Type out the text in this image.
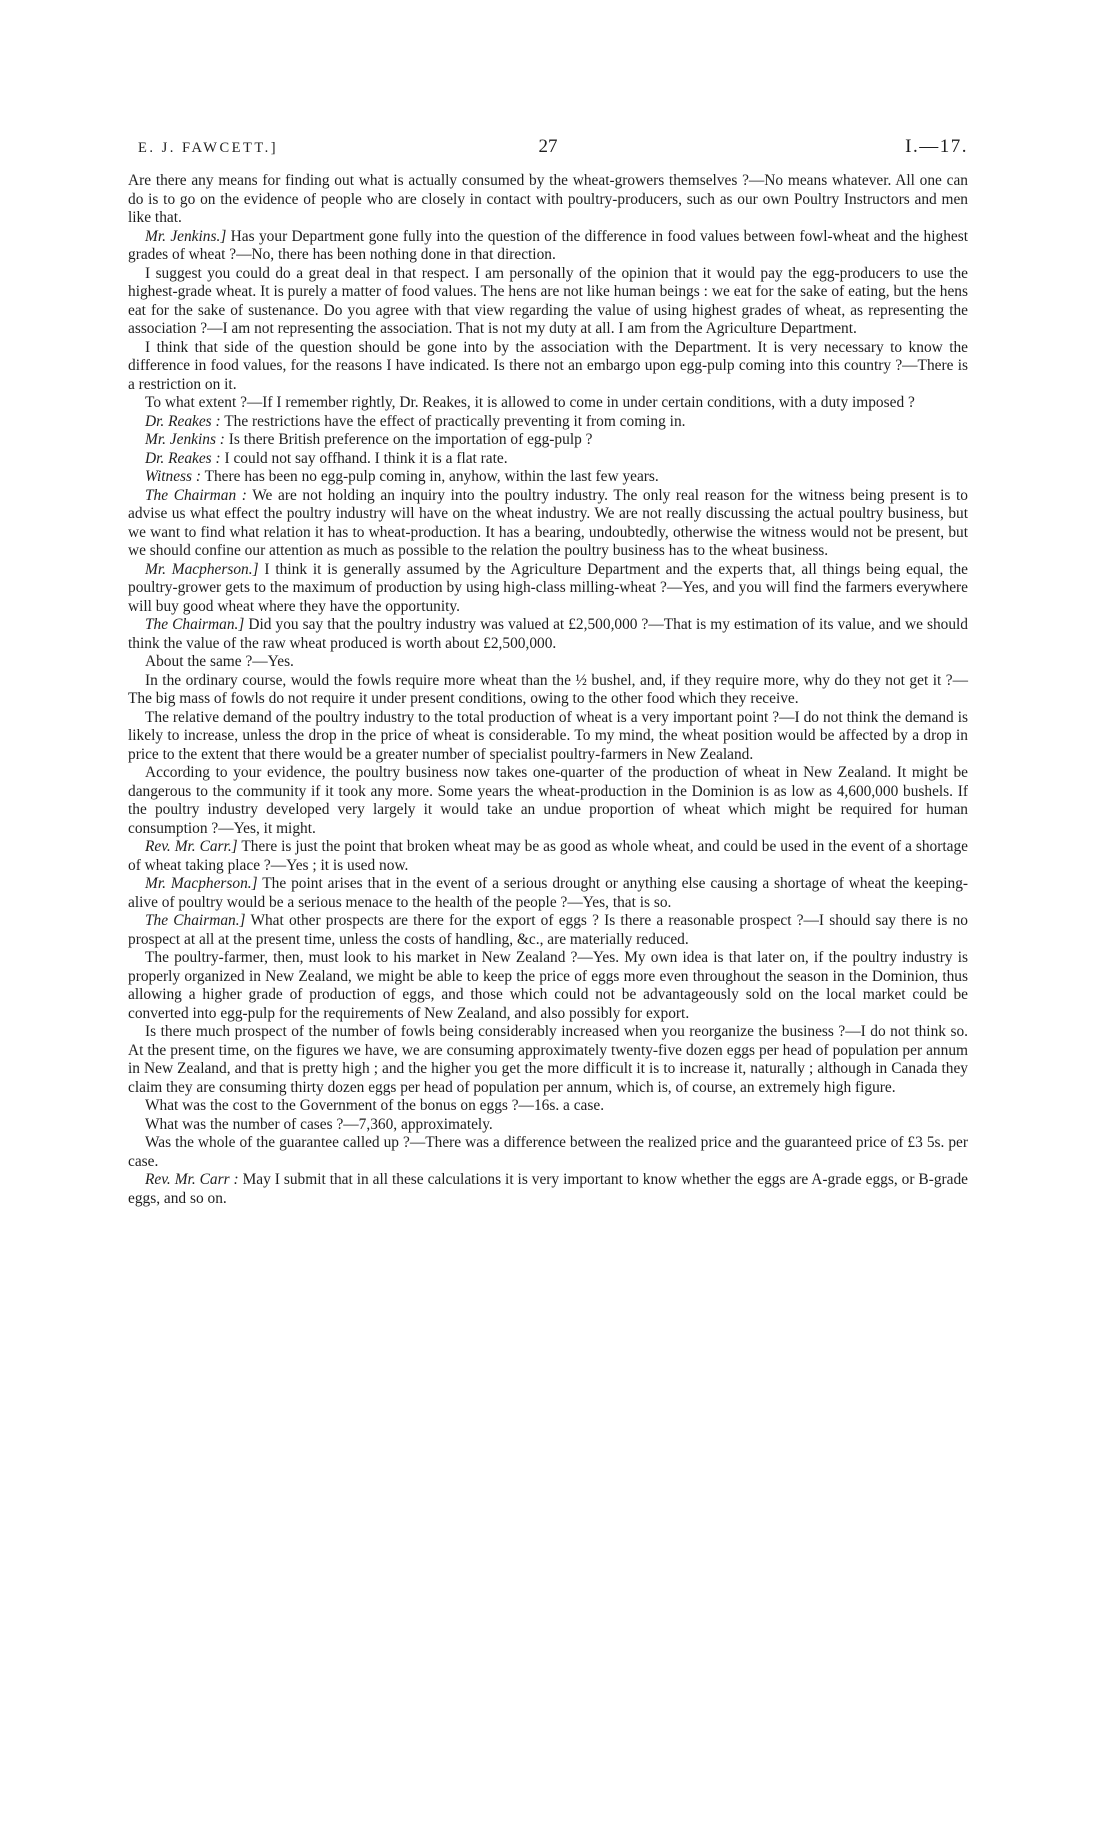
E. J. FAWCETT.]	27	I.—17.

Are there any means for finding out what is actually consumed by the wheat-growers themselves ?—No means whatever. All one can do is to go on the evidence of people who are closely in contact with poultry-producers, such as our own Poultry Instructors and men like that.

Mr. Jenkins.] Has your Department gone fully into the question of the difference in food values between fowl-wheat and the highest grades of wheat ?—No, there has been nothing done in that direction.

I suggest you could do a great deal in that respect. I am personally of the opinion that it would pay the egg-producers to use the highest-grade wheat. It is purely a matter of food values. The hens are not like human beings : we eat for the sake of eating, but the hens eat for the sake of sustenance. Do you agree with that view regarding the value of using highest grades of wheat, as representing the association ?—I am not representing the association. That is not my duty at all. I am from the Agriculture Department.

I think that side of the question should be gone into by the association with the Department. It is very necessary to know the difference in food values, for the reasons I have indicated. Is there not an embargo upon egg-pulp coming into this country ?—There is a restriction on it.

To what extent ?—If I remember rightly, Dr. Reakes, it is allowed to come in under certain conditions, with a duty imposed ?

Dr. Reakes : The restrictions have the effect of practically preventing it from coming in.

Mr. Jenkins : Is there British preference on the importation of egg-pulp ?

Dr. Reakes : I could not say offhand. I think it is a flat rate.

Witness : There has been no egg-pulp coming in, anyhow, within the last few years.

The Chairman : We are not holding an inquiry into the poultry industry. The only real reason for the witness being present is to advise us what effect the poultry industry will have on the wheat industry. We are not really discussing the actual poultry business, but we want to find what relation it has to wheat-production. It has a bearing, undoubtedly, otherwise the witness would not be present, but we should confine our attention as much as possible to the relation the poultry business has to the wheat business.

Mr. Macpherson.] I think it is generally assumed by the Agriculture Department and the experts that, all things being equal, the poultry-grower gets to the maximum of production by using high-class milling-wheat ?—Yes, and you will find the farmers everywhere will buy good wheat where they have the opportunity.

The Chairman.] Did you say that the poultry industry was valued at £2,500,000 ?—That is my estimation of its value, and we should think the value of the raw wheat produced is worth about £2,500,000.

About the same ?—Yes.

In the ordinary course, would the fowls require more wheat than the ½ bushel, and, if they require more, why do they not get it ?—The big mass of fowls do not require it under present conditions, owing to the other food which they receive.

The relative demand of the poultry industry to the total production of wheat is a very important point ?—I do not think the demand is likely to increase, unless the drop in the price of wheat is considerable. To my mind, the wheat position would be affected by a drop in price to the extent that there would be a greater number of specialist poultry-farmers in New Zealand.

According to your evidence, the poultry business now takes one-quarter of the production of wheat in New Zealand. It might be dangerous to the community if it took any more. Some years the wheat-production in the Dominion is as low as 4,600,000 bushels. If the poultry industry developed very largely it would take an undue proportion of wheat which might be required for human consumption ?—Yes, it might.

Rev. Mr. Carr.] There is just the point that broken wheat may be as good as whole wheat, and could be used in the event of a shortage of wheat taking place ?—Yes ; it is used now.

Mr. Macpherson.] The point arises that in the event of a serious drought or anything else causing a shortage of wheat the keeping-alive of poultry would be a serious menace to the health of the people ?—Yes, that is so.

The Chairman.] What other prospects are there for the export of eggs ? Is there a reasonable prospect ?—I should say there is no prospect at all at the present time, unless the costs of handling, &c., are materially reduced.

The poultry-farmer, then, must look to his market in New Zealand ?—Yes. My own idea is that later on, if the poultry industry is properly organized in New Zealand, we might be able to keep the price of eggs more even throughout the season in the Dominion, thus allowing a higher grade of production of eggs, and those which could not be advantageously sold on the local market could be converted into egg-pulp for the requirements of New Zealand, and also possibly for export.

Is there much prospect of the number of fowls being considerably increased when you reorganize the business ?—I do not think so. At the present time, on the figures we have, we are consuming approximately twenty-five dozen eggs per head of population per annum in New Zealand, and that is pretty high ; and the higher you get the more difficult it is to increase it, naturally ; although in Canada they claim they are consuming thirty dozen eggs per head of population per annum, which is, of course, an extremely high figure.

What was the cost to the Government of the bonus on eggs ?—16s. a case.

What was the number of cases ?—7,360, approximately.

Was the whole of the guarantee called up ?—There was a difference between the realized price and the guaranteed price of £3 5s. per case.

Rev. Mr. Carr : May I submit that in all these calculations it is very important to know whether the eggs are A-grade eggs, or B-grade eggs, and so on.
